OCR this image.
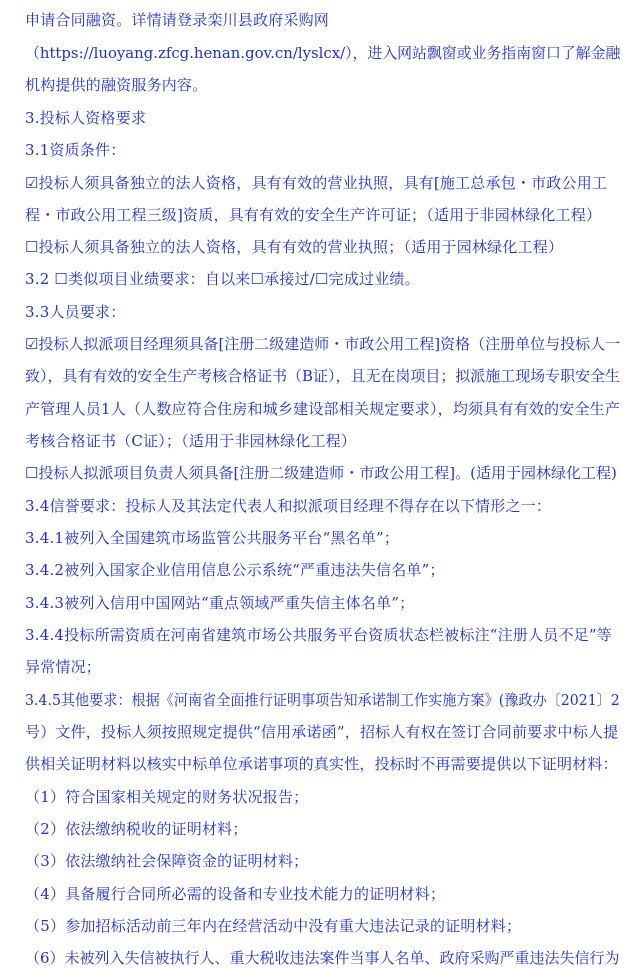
申请合同融资。详情请登录栾川县政府采购网

（https://luoyang.zfcg.henan.gov.cn/lyslcx/），进入网站飘窗或业务指南窗口了解金融

机构提供的融资服务内容。

3.投标人资格要求

3.1资质条件：

☑投标人须具备独立的法人资格，具有有效的营业执照，具有[施工总承包・市政公用工

程・市政公用工程三级]资质，具有有效的安全生产许可证；（适用于非园林绿化工程）

☐投标人须具备独立的法人资格，具有有效的营业执照；（适用于园林绿化工程）

3.2 ☐类似项目业绩要求：自以来☐承接过/☐完成过业绩。

3.3人员要求：

☑投标人拟派项目经理须具备[注册二级建造师・市政公用工程]资格（注册单位与投标人一

致），具有有效的安全生产考核合格证书（B证），且无在岗项目；拟派施工现场专职安全生

产管理人员1人（人数应符合住房和城乡建设部相关规定要求），均须具有有效的安全生产

考核合格证书（C证）；（适用于非园林绿化工程）

☐投标人拟派项目负责人须具备[注册二级建造师・市政公用工程]。(适用于园林绿化工程)

3.4信誉要求：投标人及其法定代表人和拟派项目经理不得存在以下情形之一：

3.4.1被列入全国建筑市场监管公共服务平台“黑名单”；

3.4.2被列入国家企业信用信息公示系统“严重违法失信名单”；

3.4.3被列入信用中国网站“重点领域严重失信主体名单”；

3.4.4投标所需资质在河南省建筑市场公共服务平台资质状态栏被标注“注册人员不足”等

异常情况；

3.4.5其他要求：根据《河南省全面推行证明事项告知承诺制工作实施方案》(豫政办〔2021〕2

号）文件，投标人须按照规定提供“信用承诺函”，招标人有权在签订合同前要求中标人提

供相关证明材料以核实中标单位承诺事项的真实性，投标时不再需要提供以下证明材料：

（1）符合国家相关规定的财务状况报告；

（2）依法缴纳税收的证明材料；

（3）依法缴纳社会保障资金的证明材料；

（4）具备履行合同所必需的设备和专业技术能力的证明材料；

（5）参加招标活动前三年内在经营活动中没有重大违法记录的证明材料；

（6）未被列入失信被执行人、重大税收违法案件当事人名单、政府采购严重违法失信行为
